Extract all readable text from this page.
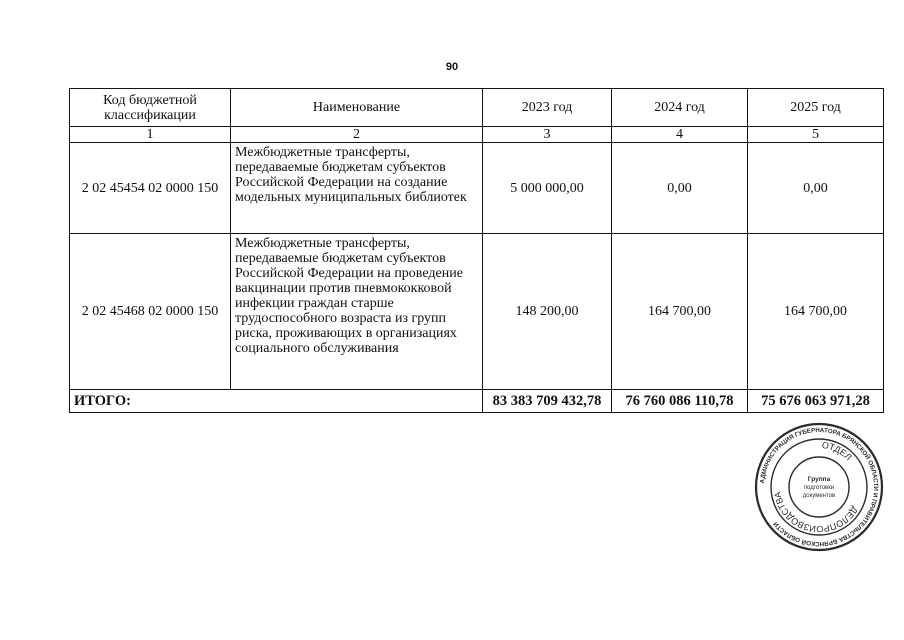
90
Код бюджетной классификации	Наименование	2023 год	2024 год	2025 год
1	2	3	4	5
2 02 45454 02 0000 150	Межбюджетные трансферты, передаваемые бюджетам субъектов Российской Федерации на создание модельных муниципальных библиотек	5 000 000,00	0,00	0,00
2 02 45468 02 0000 150	Межбюджетные трансферты, передаваемые бюджетам субъектов Российской Федерации на проведение вакцинации против пневмококковой инфекции граждан старше трудоспособного возраста из групп риска, проживающих в организациях социального обслуживания	148 200,00	164 700,00	164 700,00
ИТОГО:		83 383 709 432,78	76 760 086 110,78	75 676 063 971,28
АДМИНИСТРАЦИЯ ГУБЕРНАТОРА БРЯНСКОЙ ОБЛАСТИ И ПРАВИТЕЛЬСТВА БРЯНСКОЙ ОБЛАСТИ
ОТДЕЛ
ДЕЛОПРОИЗВОДСТВА
Группа
подготовки
документов
